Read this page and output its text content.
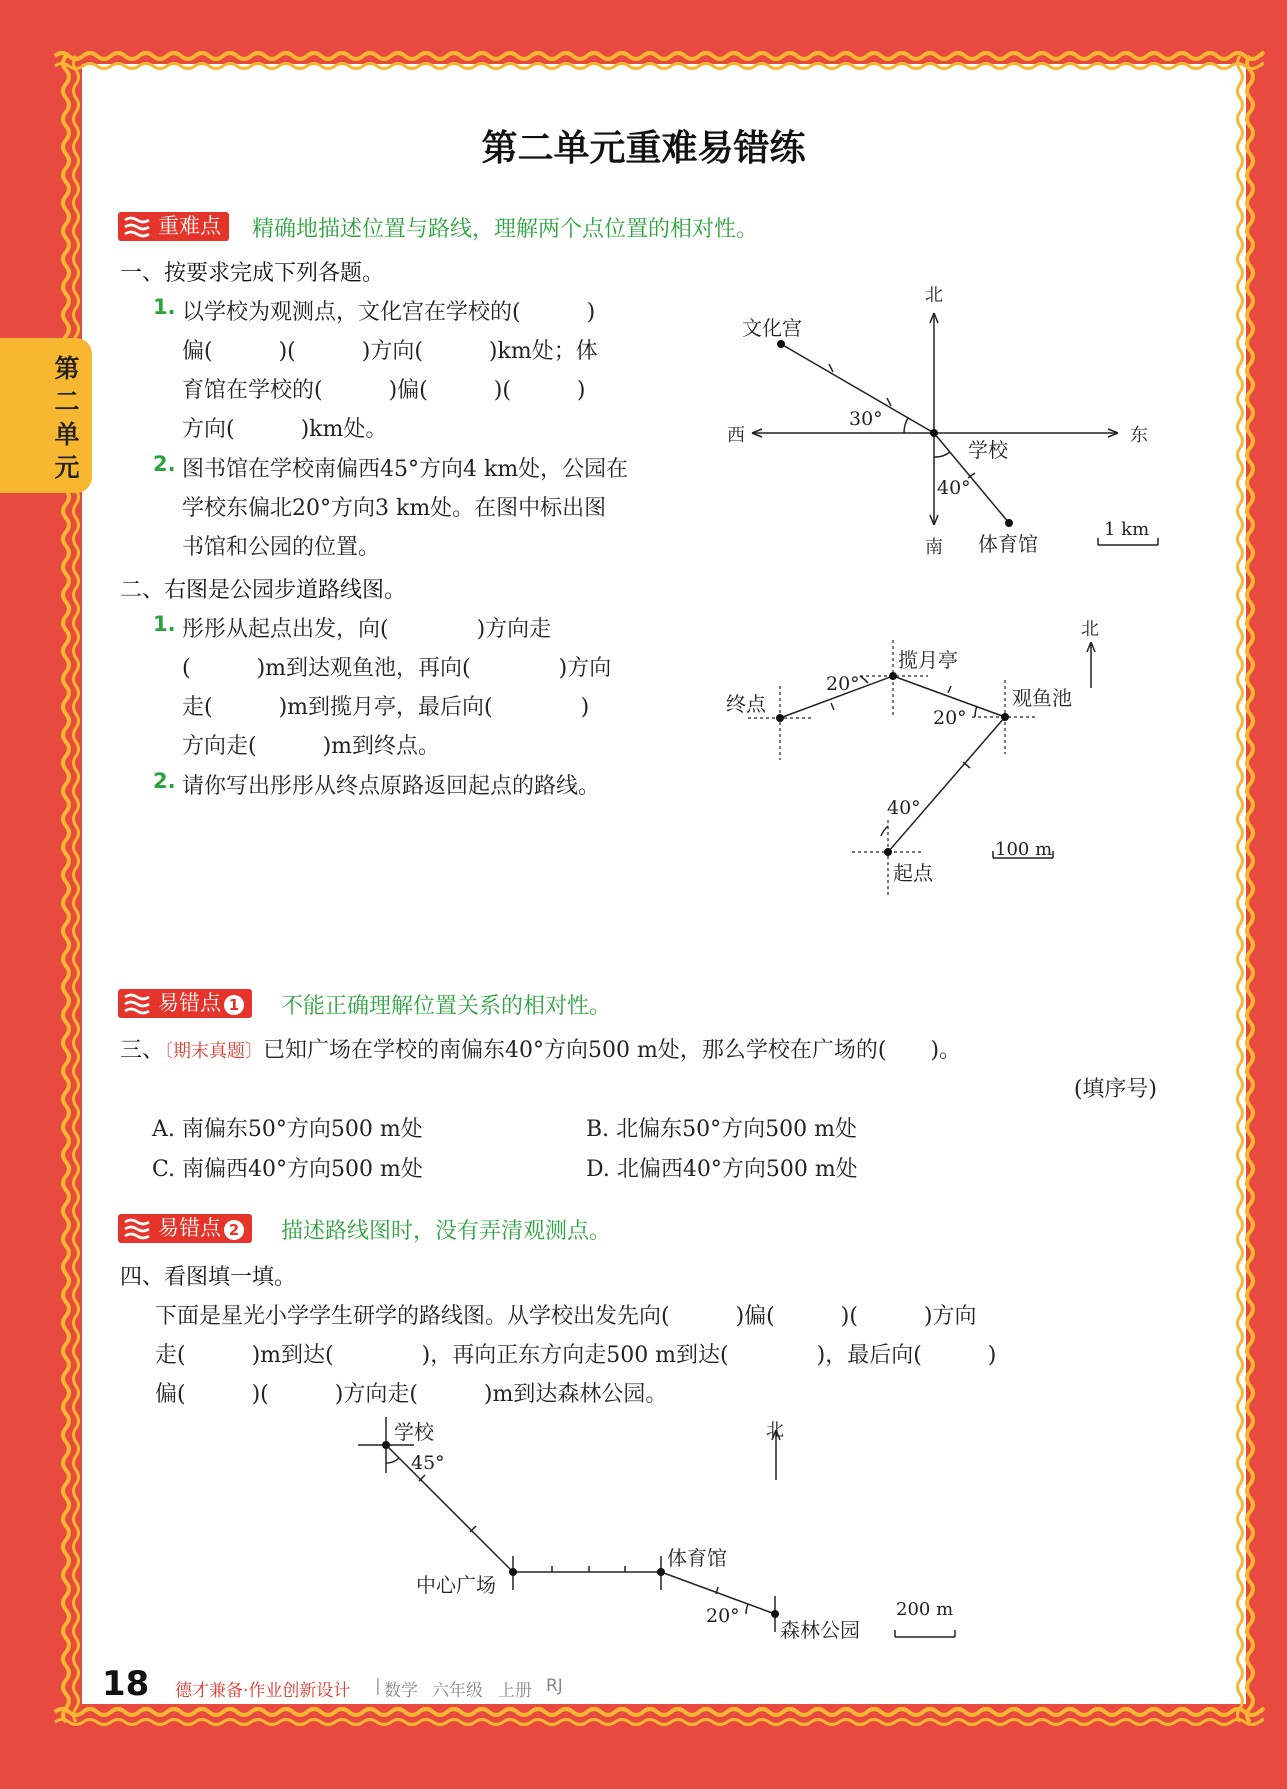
第二单元
第二单元重难易错练
重难点	精确地描述位置与路线，理解两个点位置的相对性。
一、按要求完成下列各题。
1. 以学校为观测点，文化宫在学校的(　　　)
偏(　　　)(　　　)方向(　　　)km处；体
育馆在学校的(　　　)偏(　　　)(　　　)
方向(　　　)km处。
2. 图书馆在学校南偏西45°方向4 km处，公园在
学校东偏北20°方向3 km处。在图中标出图
书馆和公园的位置。
北
南
东
西
文化宫
学校
体育馆
30°
40°
1 km
二、右图是公园步道路线图。
1. 彤彤从起点出发，向(　　　　)方向走
(　　　)m到达观鱼池，再向(　　　　)方向
走(　　　)m到揽月亭，最后向(　　　　)
方向走(　　　)m到终点。
2. 请你写出彤彤从终点原路返回起点的路线。
北
终点
揽月亭
观鱼池
起点
20°
20°
40°
100 m
易错点 1	不能正确理解位置关系的相对性。
三、〔期末真题〕已知广场在学校的南偏东40°方向500 m处，那么学校在广场的(　　)。
(填序号)
A. 南偏东50°方向500 m处	B. 北偏东50°方向500 m处
C. 南偏西40°方向500 m处	D. 北偏西40°方向500 m处
易错点 2	描述路线图时，没有弄清观测点。
四、看图填一填。
下面是星光小学学生研学的路线图。从学校出发先向(　　　)偏(　　　)(　　　)方向
走(　　　)m到达(　　　　)，再向正东方向走500 m到达(　　　　)，最后向(　　　)
偏(　　　)(　　　)方向走(　　　)m到达森林公园。
北
学校
中心广场
体育馆
森林公园
45°
20°	200 m
18 德才兼备·作业创新设计 | 数学 六年级 上册 RJ
